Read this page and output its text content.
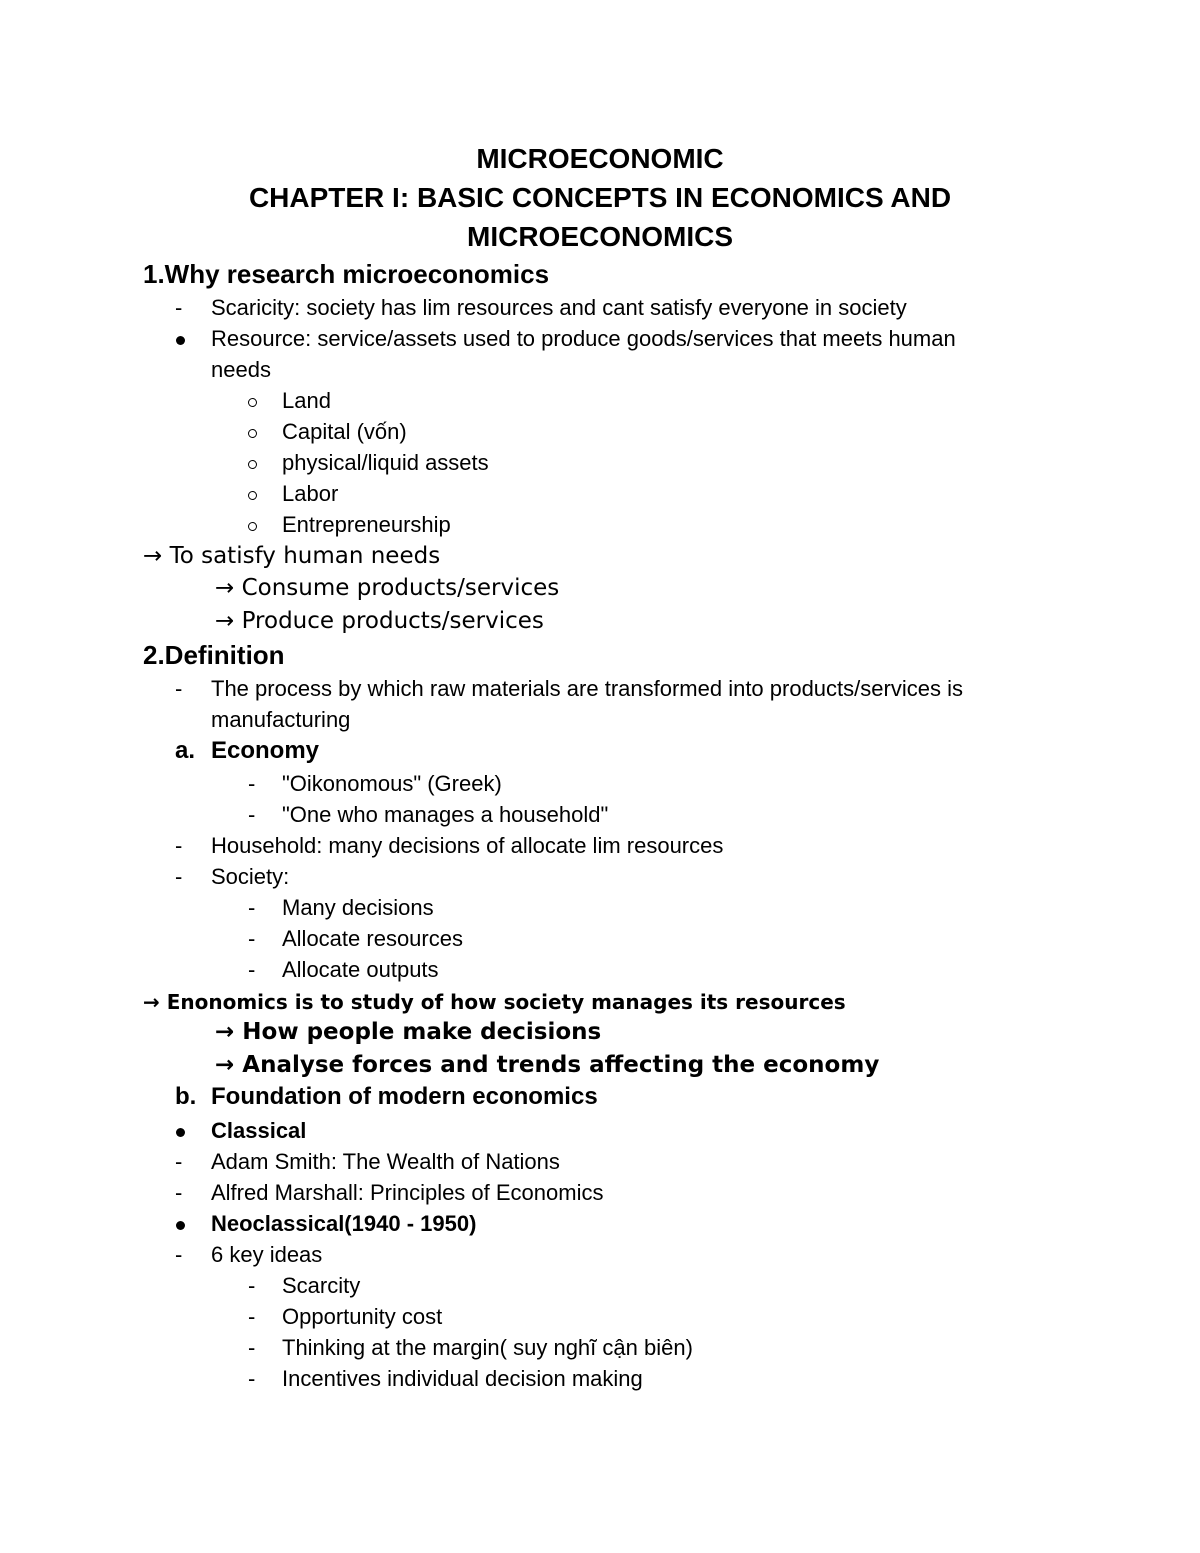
MICROECONOMIC
CHAPTER I: BASIC CONCEPTS IN ECONOMICS AND
MICROECONOMICS
1.Why research microeconomics
- Scaricity: society has lim resources and cant satisfy everyone in society
Resource: service/assets used to produce goods/services that meets human
needs
Land
Capital (vốn)
physical/liquid assets
Labor
Entrepreneurship
→ To satisfy human needs
→ Consume products/services
→ Produce products/services
2.Definition
- The process by which raw materials are transformed into products/services is
manufacturing
a. Economy
- "Oikonomous" (Greek)
- "One who manages a household"
- Household: many decisions of allocate lim resources
- Society:
- Many decisions
- Allocate resources
- Allocate outputs
→ Enonomics is to study of how society manages its resources
→ How people make decisions
→ Analyse forces and trends affecting the economy
b. Foundation of modern economics
Classical
- Adam Smith: The Wealth of Nations
- Alfred Marshall: Principles of Economics
Neoclassical(1940 - 1950)
- 6 key ideas
- Scarcity
- Opportunity cost
- Thinking at the margin( suy nghĩ cận biên)
- Incentives individual decision making
